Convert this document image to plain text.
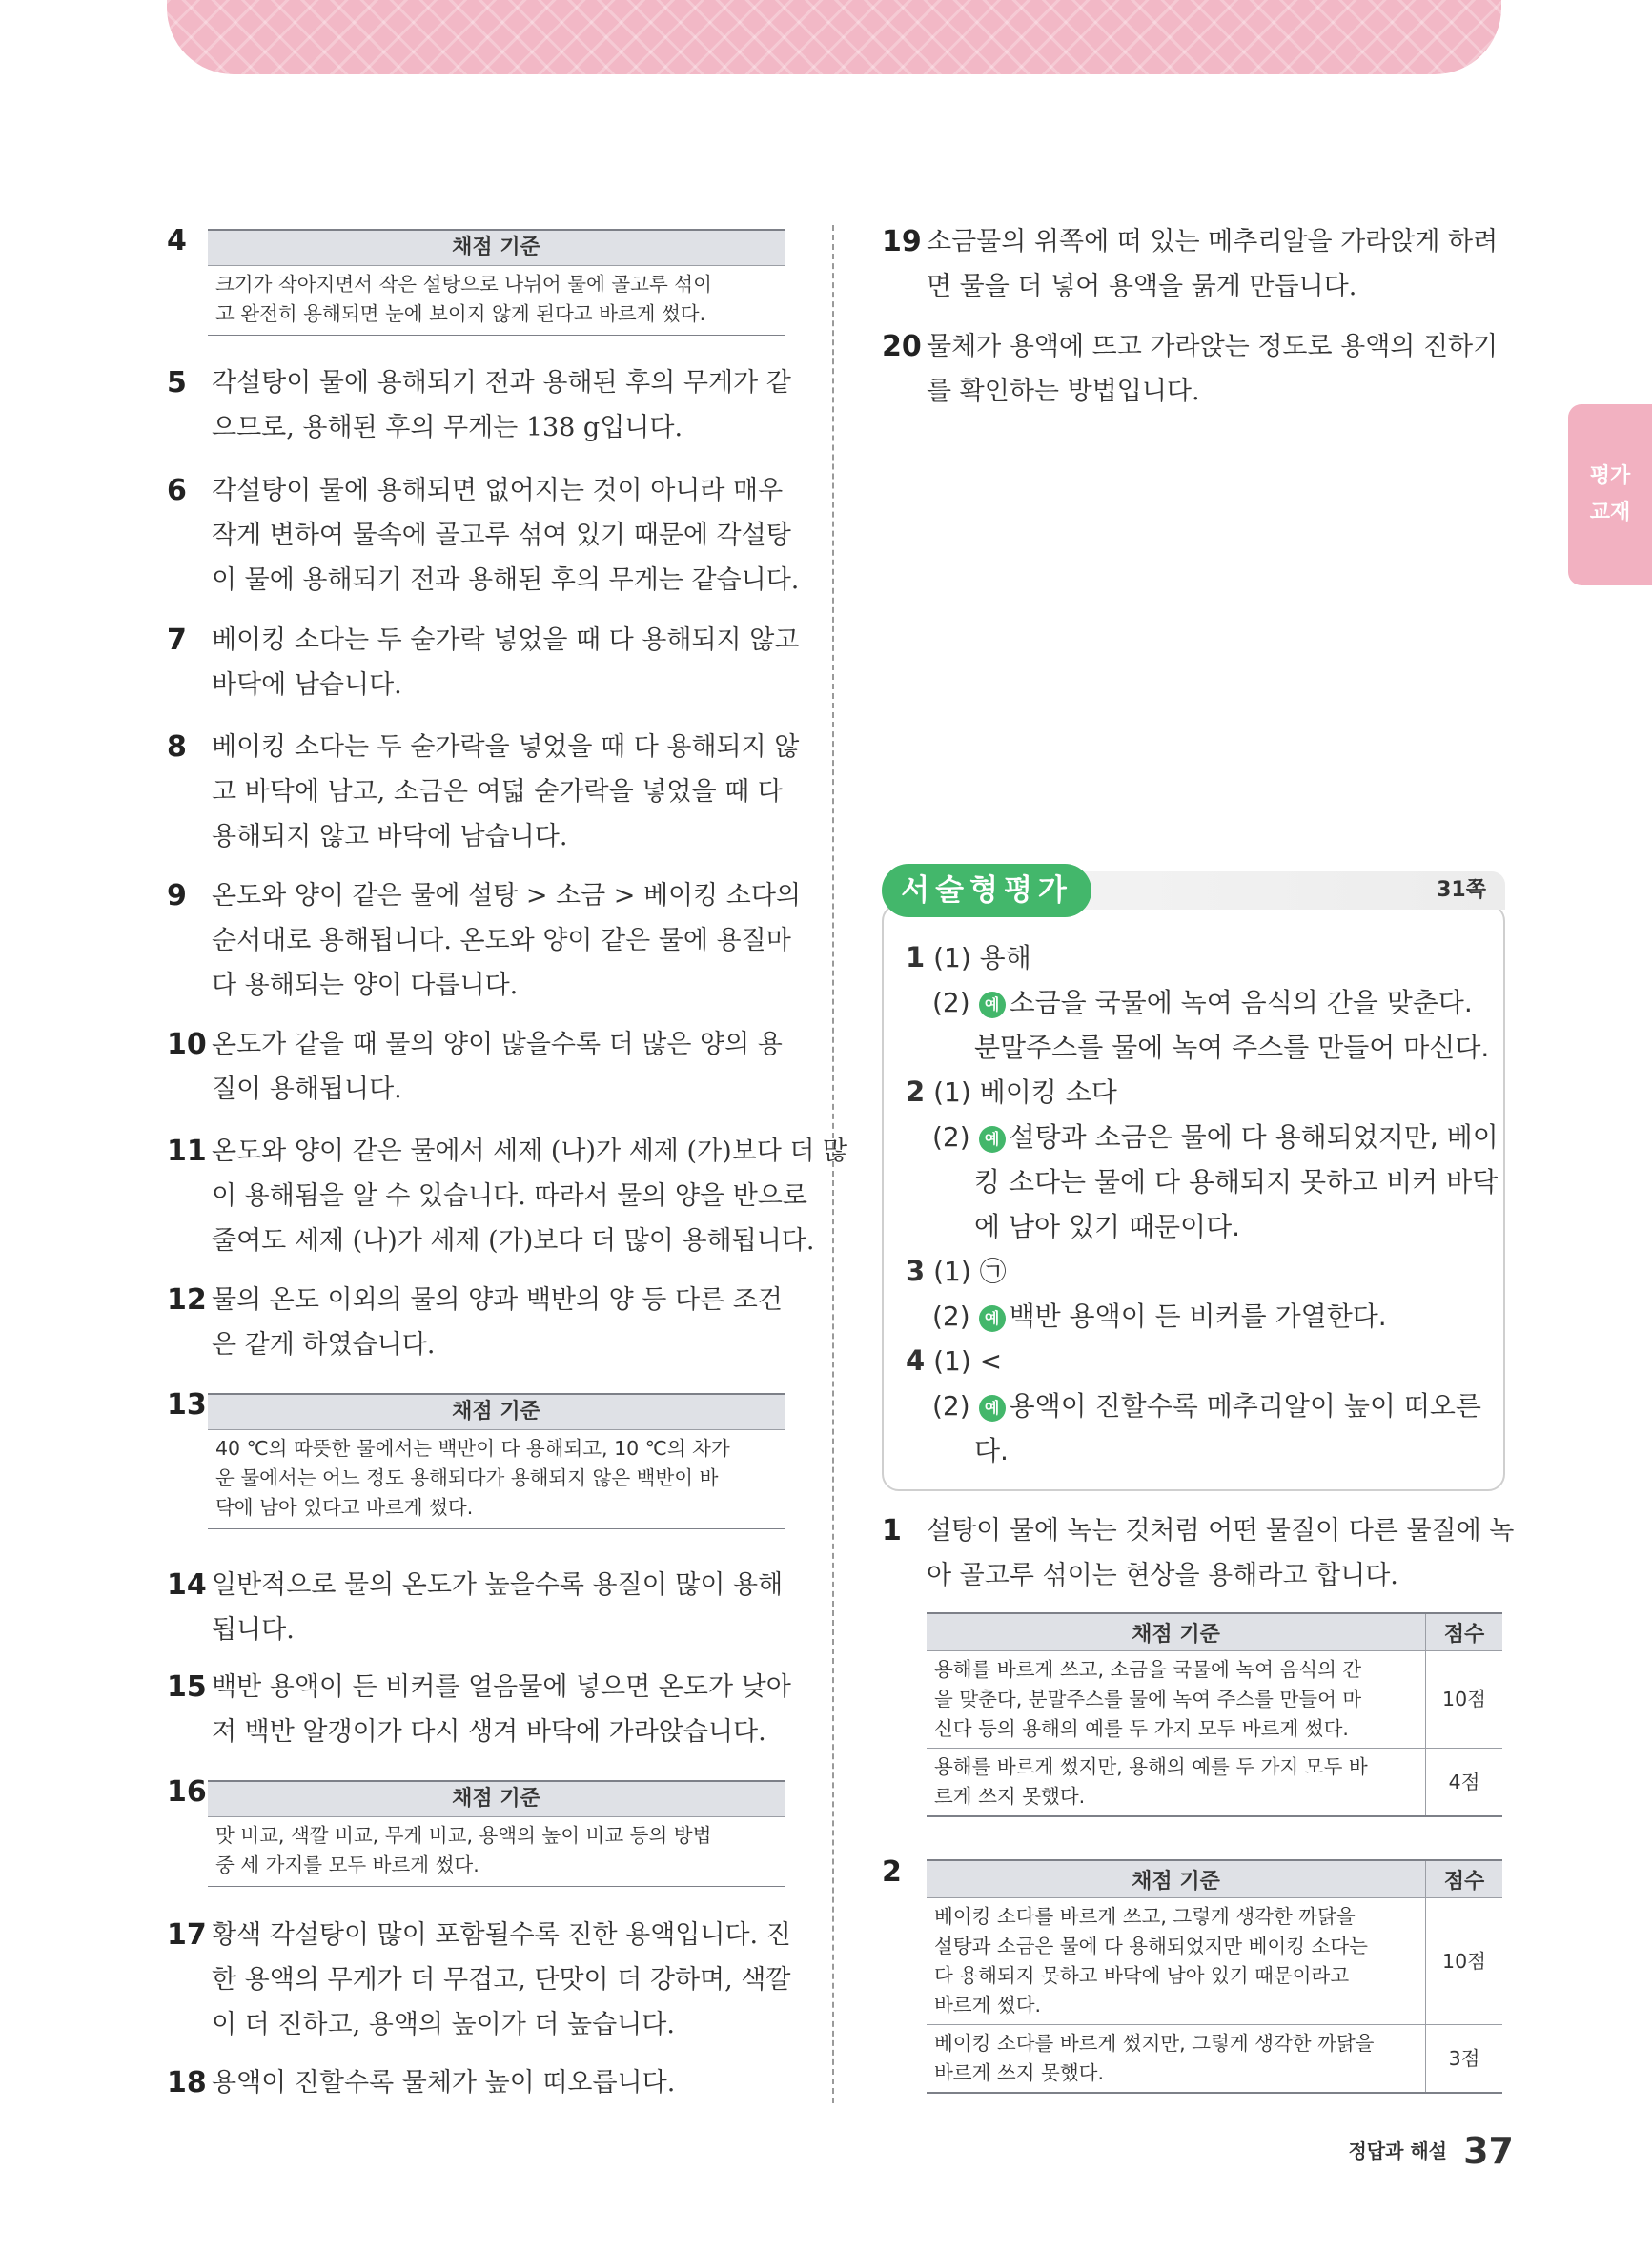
평가
교재
4	채점 기준
크기가 작아지면서 작은 설탕으로 나뉘어 물에 골고루 섞이
고 완전히 용해되면 눈에 보이지 않게 된다고 바르게 썼다.
5 각설탕이 물에 용해되기 전과 용해된 후의 무게가 같
으므로, 용해된 후의 무게는 138 g입니다.
6 각설탕이 물에 용해되면 없어지는 것이 아니라 매우
작게 변하여 물속에 골고루 섞여 있기 때문에 각설탕
이 물에 용해되기 전과 용해된 후의 무게는 같습니다.
7 베이킹 소다는 두 숟가락 넣었을 때 다 용해되지 않고
바닥에 남습니다.
8 베이킹 소다는 두 숟가락을 넣었을 때 다 용해되지 않
고 바닥에 남고, 소금은 여덟 숟가락을 넣었을 때 다
용해되지 않고 바닥에 남습니다.
9 온도와 양이 같은 물에 설탕 > 소금 > 베이킹 소다의
순서대로 용해됩니다. 온도와 양이 같은 물에 용질마
다 용해되는 양이 다릅니다.
10 온도가 같을 때 물의 양이 많을수록 더 많은 양의 용
질이 용해됩니다.
11 온도와 양이 같은 물에서 세제 (나)가 세제 (가)보다 더 많
이 용해됨을 알 수 있습니다. 따라서 물의 양을 반으로
줄여도 세제 (나)가 세제 (가)보다 더 많이 용해됩니다.
12 물의 온도 이외의 물의 양과 백반의 양 등 다른 조건
은 같게 하였습니다.
13	채점 기준
40 ℃의 따뜻한 물에서는 백반이 다 용해되고, 10 ℃의 차가
운 물에서는 어느 정도 용해되다가 용해되지 않은 백반이 바
닥에 남아 있다고 바르게 썼다.
14 일반적으로 물의 온도가 높을수록 용질이 많이 용해
됩니다.
15 백반 용액이 든 비커를 얼음물에 넣으면 온도가 낮아
져 백반 알갱이가 다시 생겨 바닥에 가라앉습니다.
16	채점 기준
맛 비교, 색깔 비교, 무게 비교, 용액의 높이 비교 등의 방법
중 세 가지를 모두 바르게 썼다.
17 황색 각설탕이 많이 포함될수록 진한 용액입니다. 진
한 용액의 무게가 더 무겁고, 단맛이 더 강하며, 색깔
이 더 진하고, 용액의 높이가 더 높습니다.
18 용액이 진할수록 물체가 높이 떠오릅니다.
19 소금물의 위쪽에 떠 있는 메추리알을 가라앉게 하려
면 물을 더 넣어 용액을 묽게 만듭니다.
20 물체가 용액에 뜨고 가라앉는 정도로 용액의 진하기
를 확인하는 방법입니다.
서술형평가	31쪽
1 (1) 용해
(2) 예 소금을 국물에 녹여 음식의 간을 맞춘다.
분말주스를 물에 녹여 주스를 만들어 마신다.
2 (1) 베이킹 소다
(2) 예 설탕과 소금은 물에 다 용해되었지만, 베이
킹 소다는 물에 다 용해되지 못하고 비커 바닥
에 남아 있기 때문이다.
3 (1) ㉠
(2) 예 백반 용액이 든 비커를 가열한다.
4 (1) <
(2) 예 용액이 진할수록 메추리알이 높이 떠오른
다.
1 설탕이 물에 녹는 것처럼 어떤 물질이 다른 물질에 녹
아 골고루 섞이는 현상을 용해라고 합니다.
채점 기준	점수

용해를 바르게 쓰고, 소금을 국물에 녹여 음식의 간
을 맞춘다, 분말주스를 물에 녹여 주스를 만들어 마
신다 등의 용해의 예를 두 가지 모두 바르게 썼다.	10점

용해를 바르게 썼지만, 용해의 예를 두 가지 모두 바
르게 쓰지 못했다.	4점
2	채점 기준	점수

베이킹 소다를 바르게 쓰고, 그렇게 생각한 까닭을
설탕과 소금은 물에 다 용해되었지만 베이킹 소다는
다 용해되지 못하고 바닥에 남아 있기 때문이라고
바르게 썼다.	10점

베이킹 소다를 바르게 썼지만, 그렇게 생각한 까닭을
바르게 쓰지 못했다.	3점
정답과 해설 37
